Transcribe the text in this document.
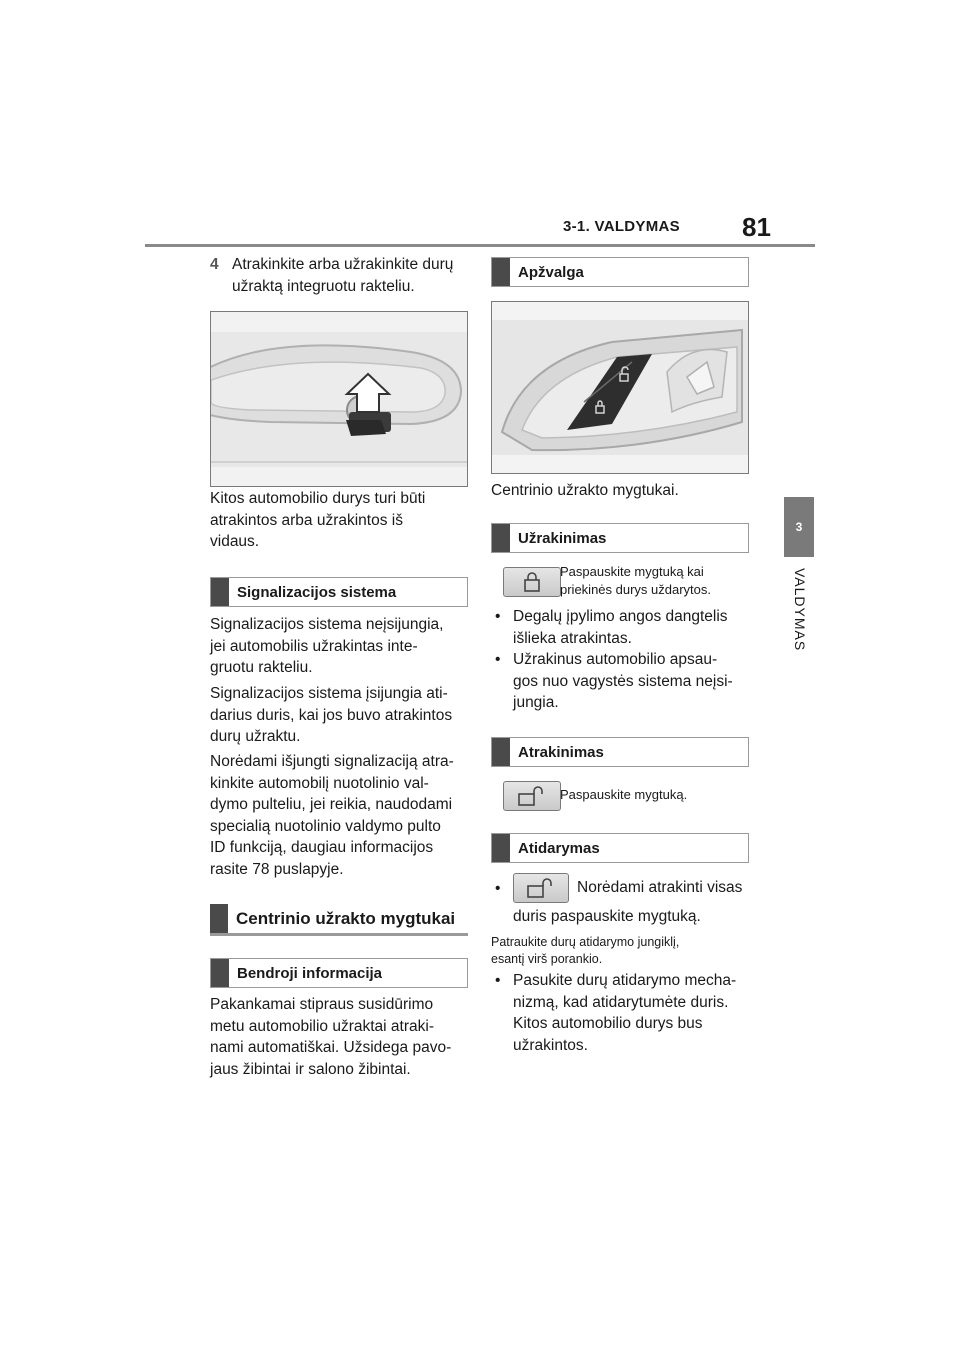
3-1. VALDYMAS 81
3
VALDYMAS

4 Atrakinkite arba užrakinkite durų
užraktą integruotu rakteliu.

Kitos automobilio durys turi būti
atrakintos arba užrakintos iš
vidaus.

Signalizacijos sistema

Signalizacijos sistema neįsijungia,
jei automobilis užrakintas inte-
gruotu rakteliu.

Signalizacijos sistema įsijungia ati-
darius duris, kai jos buvo atrakintos
durų užraktu.

Norėdami išjungti signalizaciją atra-
kinkite automobilį nuotolinio val-
dymo pulteliu, jei reikia, naudodami
specialią nuotolinio valdymo pulto
ID funkciją, daugiau informacijos
rasite 78 puslapyje.

Centrinio užrakto mygtukai
Bendroji informacija

Pakankamai stipraus susidūrimo
metu automobilio užraktai atraki-
nami automatiškai. Užsidega pavo-
jaus žibintai ir salono žibintai.

Apžvalga

Centrinio užrakto mygtukai.

Užrakinimas

Paspauskite mygtuką kai
priekinės durys uždarytos.

• Degalų įpylimo angos dangtelis
išlieka atrakintas.

• Užrakinus automobilio apsau-
gos nuo vagystės sistema neįsi-
jungia.

Atrakinimas

Paspauskite mygtuką.

Atidarymas
•	Norėdami atrakinti visas
duris paspauskite mygtuką.

Patraukite durų atidarymo jungiklį,
esantį virš porankio.

• Pasukite durų atidarymo mecha-
nizmą, kad atidarytumėte duris.
Kitos automobilio durys bus
užrakintos.
